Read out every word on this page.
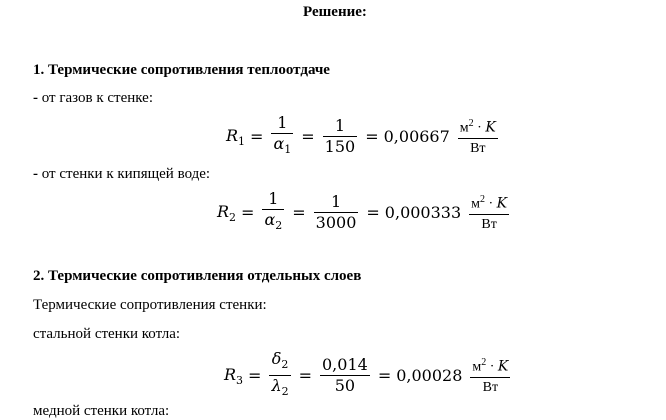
Решение:
1. Термические сопротивления теплоотдаче
- от газов к стенке:
$R_1 = \frac{1}{\alpha_1} = \frac{1}{150} = 0,00667 \frac{м^2 \cdot K}{Вт}$
- от стенки к кипящей воде:
$R_2 = \frac{1}{\alpha_2} = \frac{1}{3000} = 0,000333 \frac{м^2 \cdot K}{Вт}$
2. Термические сопротивления отдельных слоев
Термические сопротивления стенки:
стальной стенки котла:
$R_3 = \frac{\delta_2}{\lambda_2} = \frac{0,014}{50} = 0,00028 \frac{м^2 \cdot K}{Вт}$
медной стенки котла:
